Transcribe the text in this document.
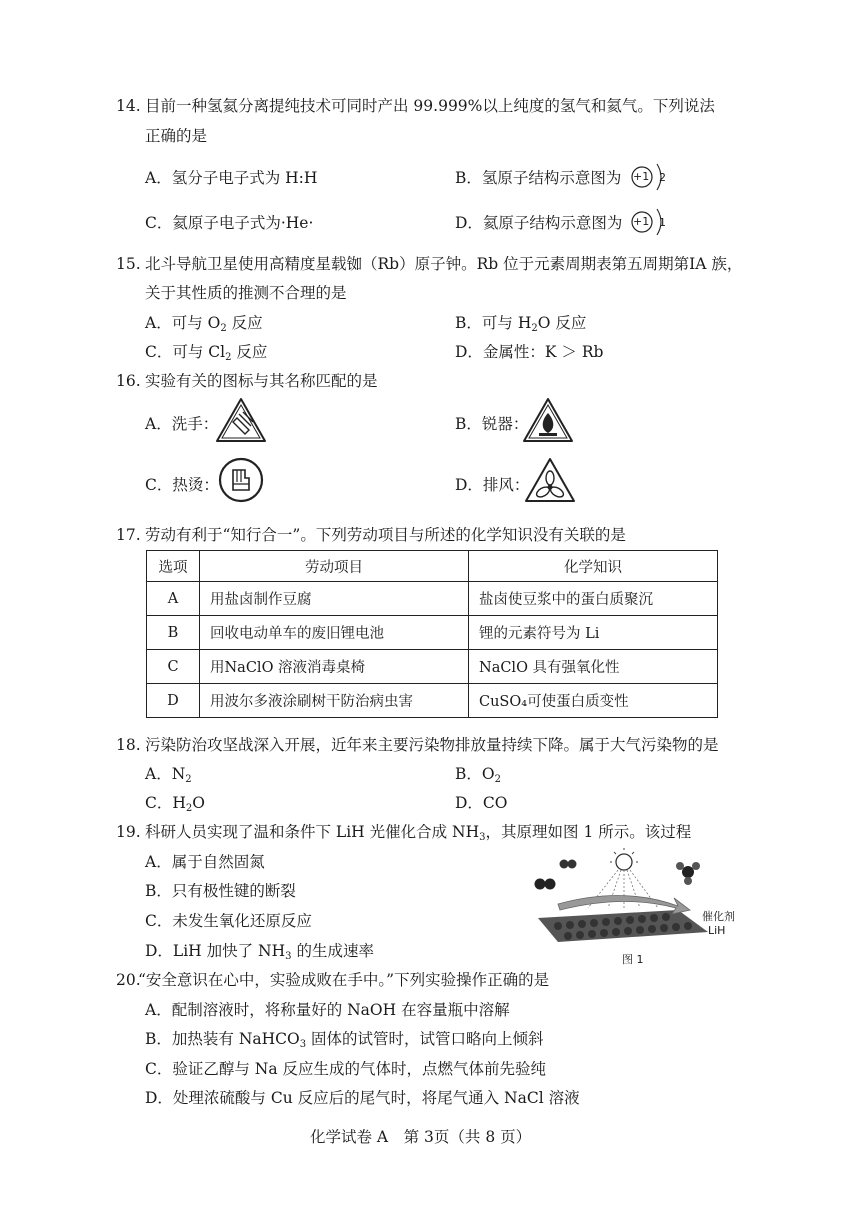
14. 目前一种氢氦分离提纯技术可同时产出 99.999%以上纯度的氢气和氦气。下列说法
正确的是
A．氢分子电子式为 H:H	B．氢原子结构示意图为 +1 2
C．氦原子电子式为·He·	D．氦原子结构示意图为 +1 1
15. 北斗导航卫星使用高精度星载铷（Rb）原子钟。Rb 位于元素周期表第五周期第IA 族，
关于其性质的推测不合理的是
A．可与 $O_2$ 反应	B．可与 $H_2O$ 反应
C．可与 $Cl_2$ 反应	D．金属性：K ＞ Rb
16. 实验有关的图标与其名称匹配的是
A．洗手：	B．锐器：
C．热烫：	D．排风：
17. 劳动有利于“知行合一”。下列劳动项目与所述的化学知识没有关联的是
选项	劳动项目	化学知识
A	用盐卤制作豆腐	盐卤使豆浆中的蛋白质聚沉
B	回收电动单车的废旧锂电池	锂的元素符号为 Li
C	用NaClO 溶液消毒桌椅	NaClO 具有强氧化性
D	用波尔多液涂刷树干防治病虫害	CuSO₄可使蛋白质变性
18. 污染防治攻坚战深入开展，近年来主要污染物排放量持续下降。属于大气污染物的是
A．$N_2$	B．$O_2$
C．$H_2O$	D．CO
19. 科研人员实现了温和条件下 LiH 光催化合成 $NH_3$，其原理如图 1 所示。该过程
A．属于自然固氮
B．只有极性键的断裂
C．未发生氧化还原反应
D．LiH 加快了 $NH_3$ 的生成速率
催化剂
LiH
图 1
20.
“安全意识在心中，实验成败在手中。”下列实验操作正确的是
A．配制溶液时，将称量好的 NaOH 在容量瓶中溶解
B．加热装有 NaHCO$_3$ 固体的试管时，试管口略向上倾斜
C．验证乙醇与 Na 反应生成的气体时，点燃气体前先验纯
D．处理浓硫酸与 Cu 反应后的尾气时，将尾气通入 NaCl 溶液
化学试卷 A　第 3页（共 8 页）
